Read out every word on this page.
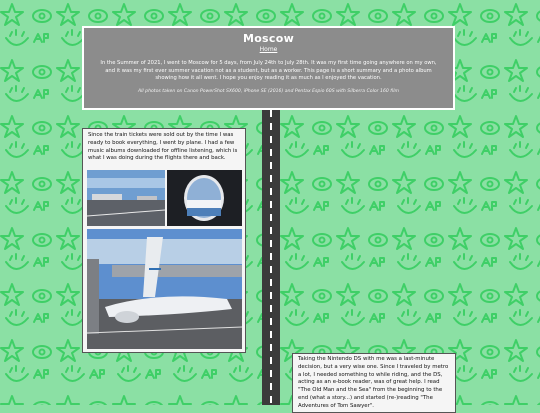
Moscow
Home
In the Summer of 2021, I went to Moscow for 5 days, from July 24th to July 28th. It was my first time going anywhere on my own, and it was my first ever summer vacation not as a student, but as a worker. This page is a short summary and a photo album showing how it all went. I hope you enjoy reading it as much as I enjoyed the vacation.
All photos taken on Canon PowerShot SX600, iPhone SE (2016) and Pentax Espio 60S with Silberra Color 160 film
Since the train tickets were sold out by the time I was ready to book everything, I went by plane. I had a few music albums downloaded for offline listening, which is what I was doing during the flights there and back.
Taking the Nintendo DS with me was a last-minute decision, but a very wise one. Since I traveled by metro a lot, I needed something to while riding, and the DS, acting as an e-book reader, was of great help. I read "The Old Man and the Sea" from the beginning to the end (what a story...) and started (re-)reading "The Adventures of Tom Sawyer".
